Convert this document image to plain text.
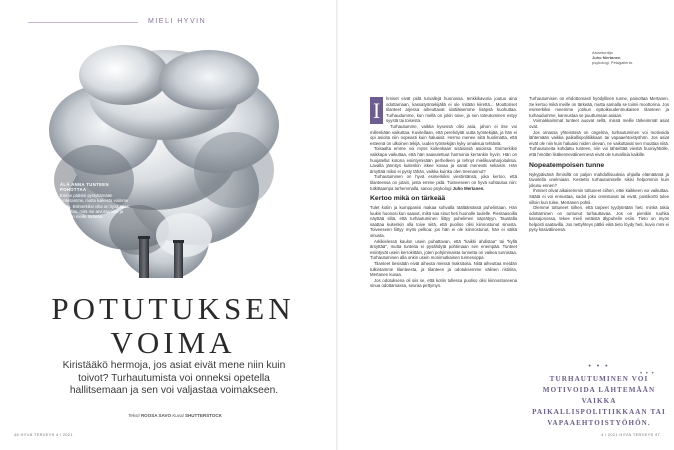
MIELI HYVIN
ÄLÄ ANNA TUNTEEN POHOTTAA
Emme pääsisi pystyttämään tunteitamme, mutta kaikesta voimme oppia. Esimerkiksi viha on hyvä opas: se kertoo, mitä me arvostamme ja mikä on meille tärkeää.
POTUTUKSEN
VOIMA
Kiristääkö hermoja, jos asiat eivät mene niin kuin toivot? Turhautumista voi onneksi opetella hallitsemaan ja sen voi valjastaa voimakseen.
Teksti ROOSA SAVO Kuvat SHUTTERSTOCK
46 HYVÄ TERVEYS 4 / 2021
Asiantuntija
Juho Mertanen
psykologi, Pelagalleria.

I	hmiset eivät pidä turvallejä huonossa. Ienkkikavoria joutuu aina odottamaan, kassatyöntekijällä ei ole mitään kiirettä... Moottoriset tilanteet arjessa aiheuttavat sisäläisemme lisäpsä kuohuttaa. Turhaudumme, kun mellä on jokin toive, ja sen toteutuminen estyy syystä tai toisesta.

Turhautumme, vaikka kysessä olisi asia, jahon ei itse voi millenkään vaikuttaa. Kuvitellaan, että perehdytät uutta työntekijää, ja hän ei opi asioita niin nopeasti kuin haluaisit. Hermo menee siitä huolimatta, että esteenä on ulkoinen tekijä, uuden työntekijän kyky omaksua tehtäviä.

Toisaalta emme voi myös kuitenkaan sisäisissä asioissa. Esimerkiksi vaikkapa vaikuttaa, että hän saavutettuut harmonia kerrankin hyvin. Hän on huojatellut kotona esiintymisään perhelleen ja tehnyt mielikuvaharjoituksia. Lavalla jännitys kuitenkin iskee kovaa ja sanat menevät sekaisin. Hän ärsyttää miksi ei pysty tähän, vaikka kuinka olen treenannut?

Turhautuminen on hyvä esimerkiksi viestintänsä, joka kertoo, että tilanteessa on jotain, josta emme pidä. Tunteeseen on hyvä suhtautua niin: tutkittaampa turhemmalla, sanoo psykologi Juho Mertanen.

Kertoo mikä on tärkeää

Tulet kotiin ja kumppanisi makaa sohvalla rääläämässä puhelintaan. Hän luukin huonosi kun saavut, mikä saa sinut heti huonolle tuulelle. Pientaasoilla näyttää siltä, että turhautuminen liittyy puhelimen näprätyyn. Taustalla saattaa kuitenkin olla toive siitä, että puoliso olisi kiinnostunut sinusta. Toiveeseen liittyy myös pelkoa: jos hän ei ole kiinnostunut, hän ei välitä sinusta.

Arkikielessä kaulon usein puhattavan, että "kaikki ahdistaa" tai "kyllä ärsyttää", mutta tunteita ei pysähdytä pohtimaan sen enempää. Tunteet esiintyvät usein kerrokittäin, joten pohjimmaista tunnetta on vaikea tunnistaa. Turhautuminen alla onkin usein monimutkainen tunnesoppa.

Tilanteet tiesisään eivät aiheuta meissä maksitoita. Niitä aiheuttaa meidän tulkintamme tilanteesta, ja tilanteen ja odotuksemme välinen ristiriita, Mertanen kuvaa.

Jos odotuksena oli siis se, että kotiin tullessa puoliso olisi kiinnostuneena sinua odottamassa, seuraa pettymys.

Turhautumisen on ehdottomasti hyödyllinen tunne, painottaa Mertanen. Se kertoo mikä meille on tärkeää, mutta samalla se toimii moottorina. Jos esimerkiksi meemme jonkun epäoikeudenmukaisen tilanteen ja turhaudumme, kannustaa se puuttumaan asiaan.

Voimakkaimmat tunteet auovat sellä, missä meille tärkeimmät asiat ovat.

Jos omassa yhteisössä on ongelma, turhautuminen voi motivoida lähtemään vaikka paikallispolitiikkaan tai vapaaehtoistyöhön. Jos asiat eivät ole niin kuin haluaisi niiden olevan, ne vaikuttavat sen muuttaa niitä. Turhautuneita kohdattu tunteen, niin voi lähteittää viestiä huoniyhtiölle, että hmölän lisäkennevälinennesä eivät ole turvallisia kaikille.

Nopeatempoisen tunne

Nykypäivänä ihmisillä on paljon mahdollisuuksia ohjailla elämäänsä ja tavoitella unelmiaan. Kestetto turhautumiselle sikisi helpommin kuin jokusu ennen?

Ihmiset olivat aikaisemmin tottuneet siihen, ettei kaikkeen voi vaikuttaa. Säätä ei voi ennustaa, sadot joko onnistuivat tai eivät, postikortti tulee silloin kun tulee, Mertanen pohtii.

Olemme tottuneet siihen, että tarpeet tyydytetään heti, minkä takia odottaminen on tuntunut turhauttavaa. Jos on pienikin ruuhka kassajonossa, tekee mieli vetäistä älypuhelin esiin. Tieto on myös helposti saatavilla. Jos nettyhteys pätkii eikä tieto löydy heti, kuvio mmi ei pysy käsivälinensä.

• • •
TURHAUTUMINEN VOI MOTIVOIDA LÄHTEMÄÄN VAIKKA PAIKALLISPOLITIIKKAAN TAI VAPAAEHTOISTYÖHÖN.
• • •
4 / 2021 HYVÄ TERVEYS 47
